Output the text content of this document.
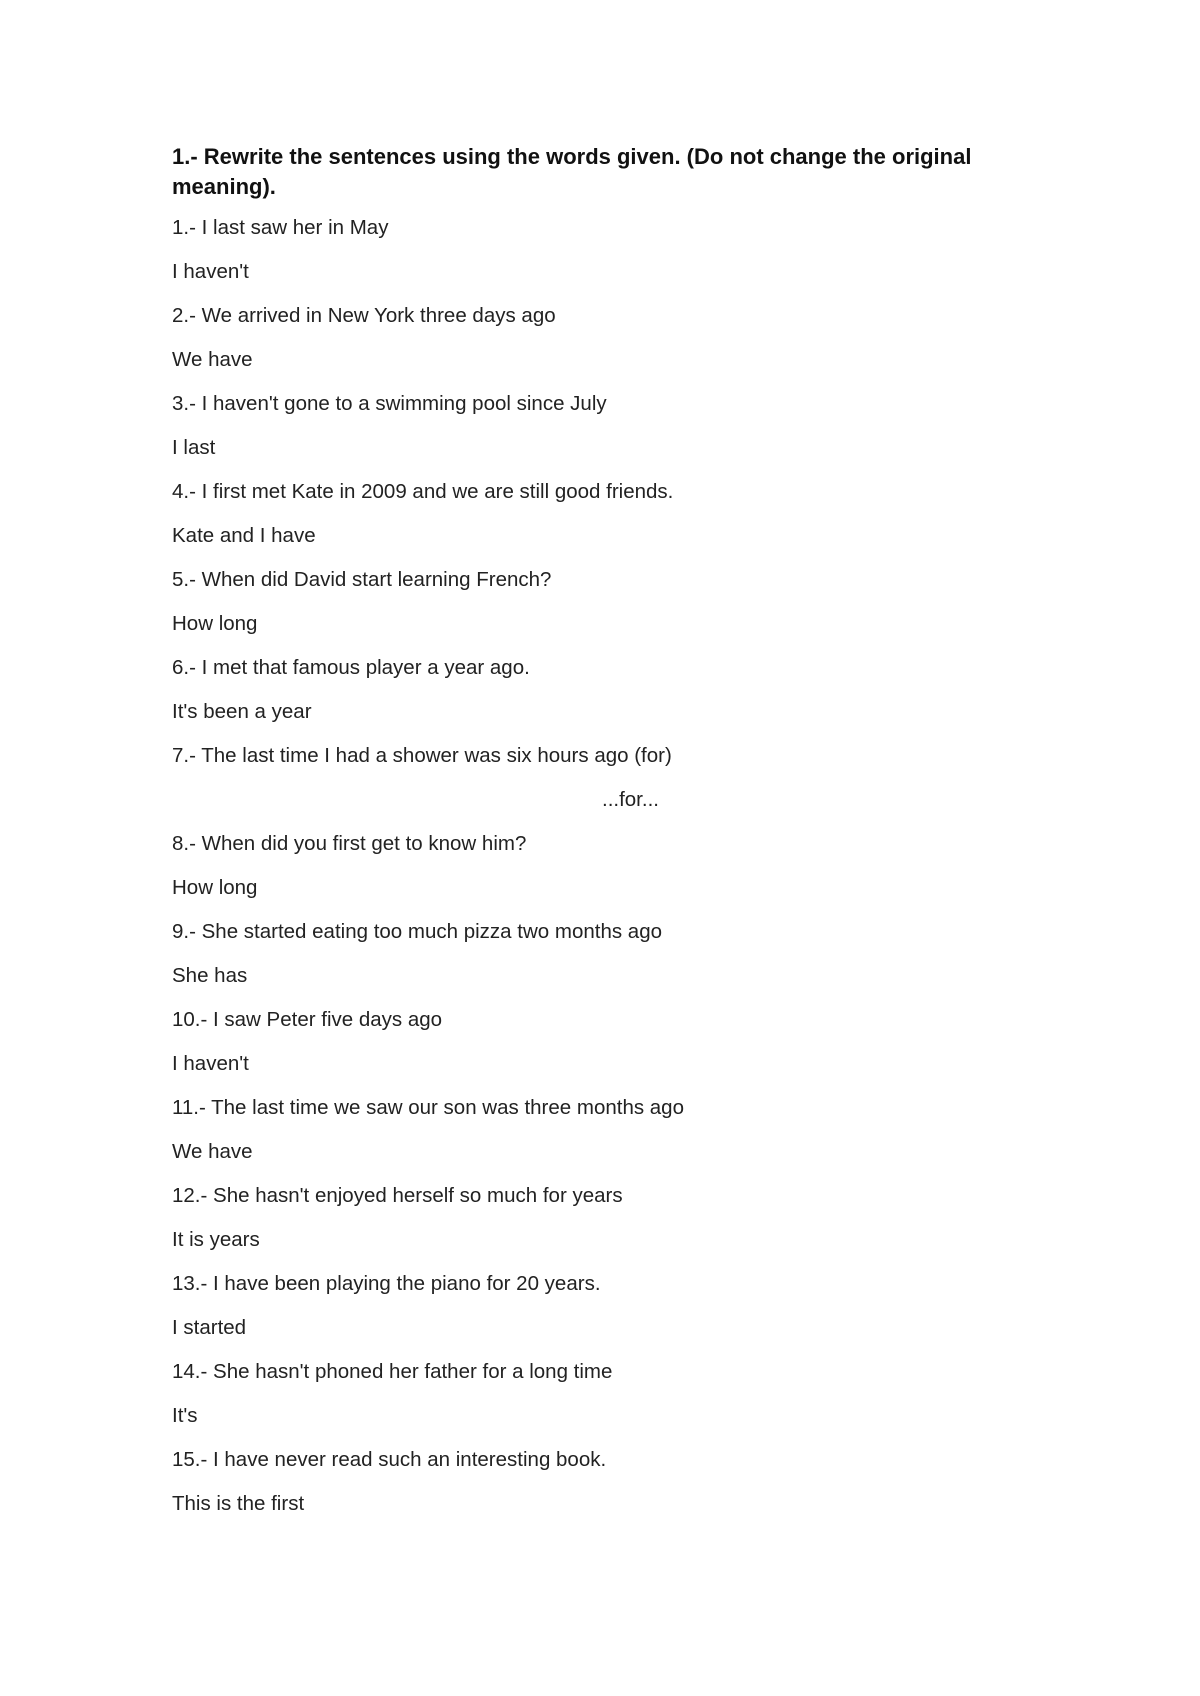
1.- Rewrite the sentences using the words given. (Do not change the original meaning).
1.- I last saw her in May
I haven't
2.- We arrived in New York three days ago
We have
3.- I haven't gone to a swimming pool since July
I last
4.- I first met Kate in 2009 and we are still good friends.
Kate and I have
5.- When did David start learning French?
How long
6.- I met that famous player a year ago.
It's been a year
7.- The last time I had a shower was six hours ago (for)
...for...
8.- When did you first get to know him?
How long
9.- She started eating too much pizza two months ago
She has
10.- I saw Peter five days ago
I haven't
11.- The last time we saw our son was three months ago
We have
12.- She hasn't enjoyed herself so much for years
It is years
13.- I have been playing the piano for 20 years.
I started
14.- She hasn't phoned her father for a long time
It's
15.- I have never read such an interesting book.
This is the first
